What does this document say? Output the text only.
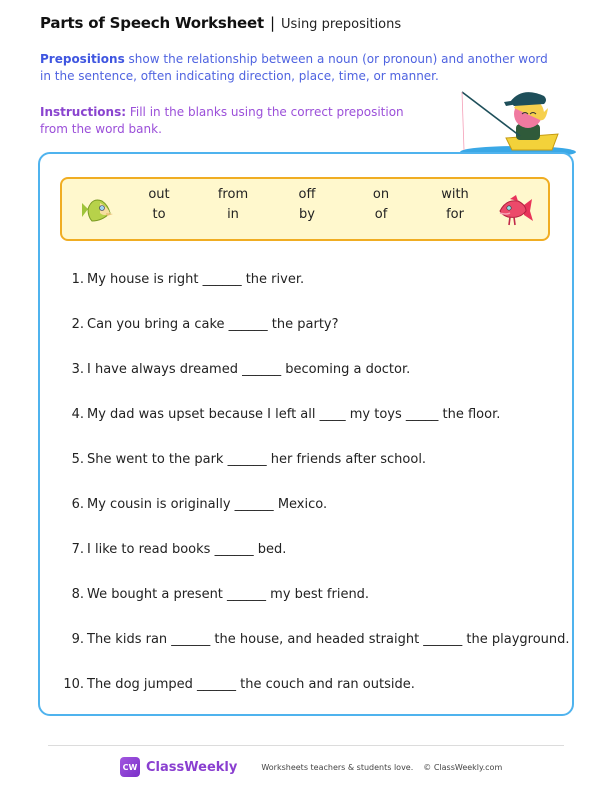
Parts of Speech Worksheet | Using prepositions
Prepositions show the relationship between a noun (or pronoun) and another word in the sentence, often indicating direction, place, time, or manner.
Instructions: Fill in the blanks using the correct preposition from the word bank.
out	from	off	on	with
to	in	by	of	for
1. My house is right ______ the river.
2. Can you bring a cake ______ the party?
3. I have always dreamed ______ becoming a doctor.
4. My dad was upset because I left all ____ my toys _____ the floor.
5. She went to the park ______ her friends after school.
6. My cousin is originally ______ Mexico.
7. I like to read books ______ bed.
8. We bought a present ______ my best friend.
9. The kids ran ______ the house, and headed straight ______ the playground.
10. The dog jumped ______ the couch and ran outside.
CW ClassWeekly	Worksheets teachers & students love. © ClassWeekly.com
